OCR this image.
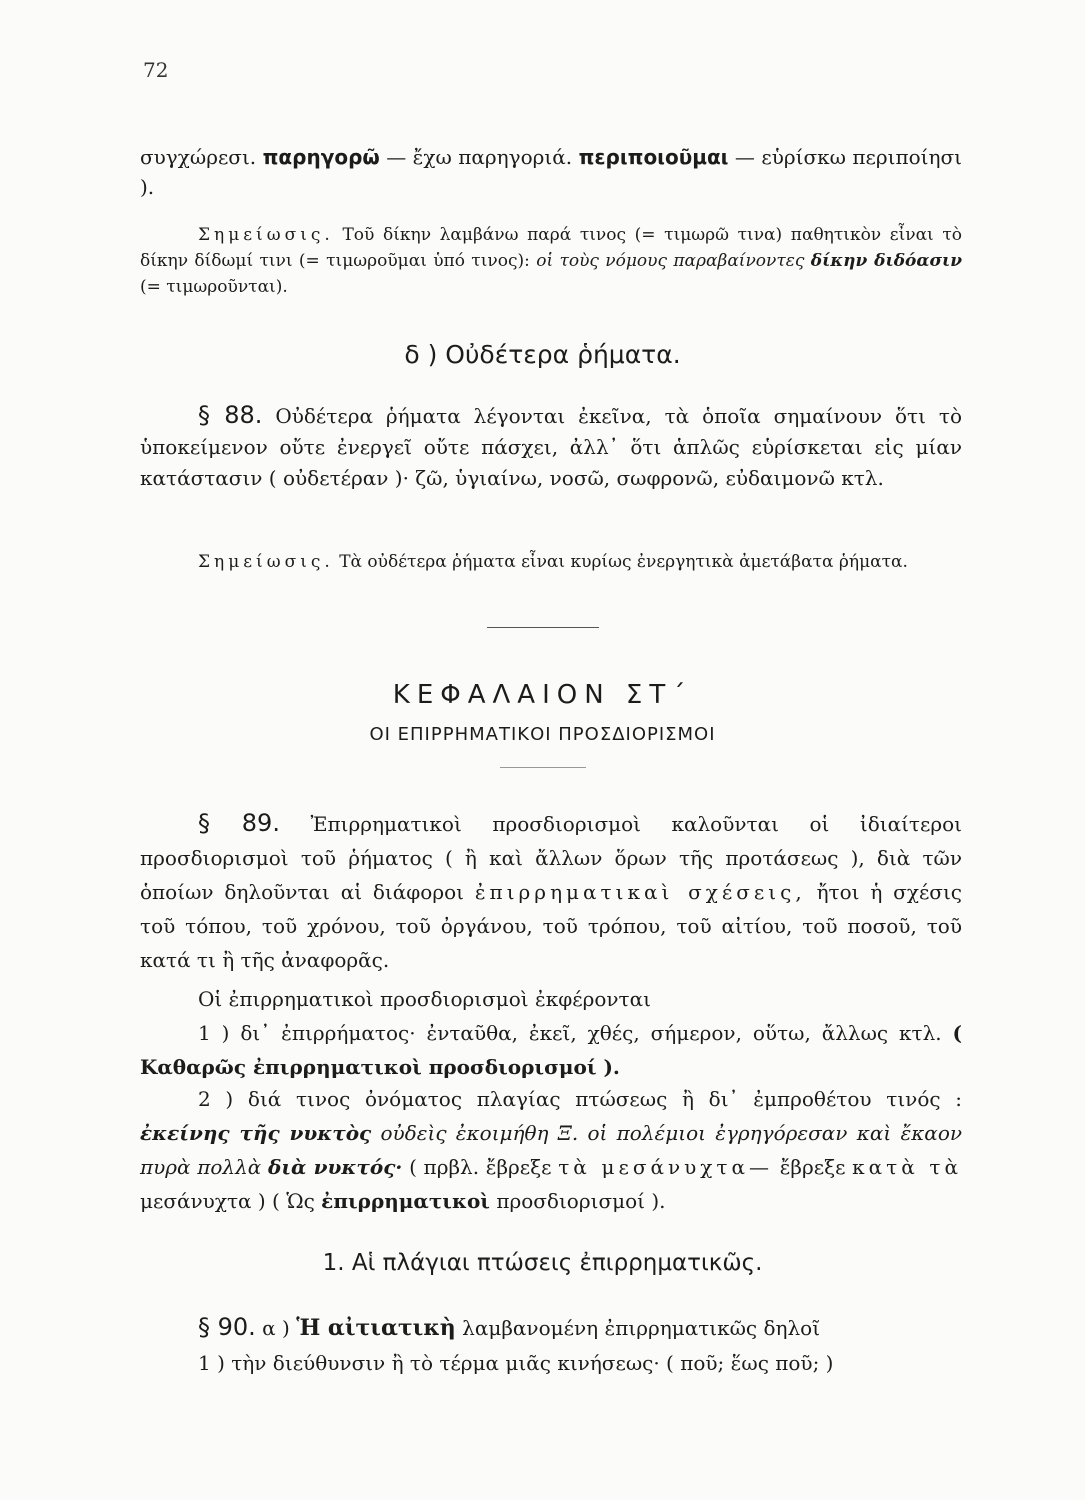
72
συγχώρεσι. παρηγορῶ — ἔχω παρηγοριά. περιποιοῦμαι — εὑρίσκω περιποίησι ).
Σημείωσις. Τοῦ δίκην λαμβάνω παρά τινος (= τιμωρῶ τινα) παθητικὸν εἶναι τὸ δίκην δίδωμί τινι (= τιμωροῦμαι ὑπό τινος): οἱ τοὺς νόμους παραβαίνοντες δίκην διδόασιν (= τιμωροῦνται).
δ ) Οὐδέτερα ῥήματα.
§ 88. Οὐδέτερα ῥήματα λέγονται ἐκεῖνα, τὰ ὁποῖα σημαίνουν ὅτι τὸ ὑποκείμενον οὔτε ἐνεργεῖ οὔτε πάσχει, ἀλλ᾽ ὅτι ἁπλῶς εὑρίσκεται εἰς μίαν κατάστασιν ( οὐδετέραν )· ζῶ, ὑγιαίνω, νοσῶ, σωφρονῶ, εὐδαιμονῶ κτλ.
Σημείωσις. Τὰ οὐδέτερα ῥήματα εἶναι κυρίως ἐνεργητικὰ ἀμετάβατα ῥήματα.
ΚΕΦΑΛΑΙΟΝ ΣΤ΄
ΟΙ ΕΠΙΡΡΗΜΑΤΙΚΟΙ ΠΡΟΣΔΙΟΡΙΣΜΟΙ
§ 89. Ἐπιρρηματικοὶ προσδιορισμοὶ καλοῦνται οἱ ἰδιαίτεροι προσδιορισμοὶ τοῦ ῥήματος ( ἢ καὶ ἄλλων ὅρων τῆς προτάσεως ), διὰ τῶν ὁποίων δηλοῦνται αἱ διάφοροι ἐπιρρηματικαὶ σχέσεις, ἤτοι ἡ σχέσις τοῦ τόπου, τοῦ χρόνου, τοῦ ὀργάνου, τοῦ τρόπου, τοῦ αἰτίου, τοῦ ποσοῦ, τοῦ κατά τι ἢ τῆς ἀναφορᾶς.
Οἱ ἐπιρρηματικοὶ προσδιορισμοὶ ἐκφέρονται
1 ) δι᾽ ἐπιρρήματος· ἐνταῦθα, ἐκεῖ, χθές, σήμερον, οὕτω, ἄλλως κτλ. ( Καθαρῶς ἐπιρρηματικοὶ προσδιορισμοί ).
2 ) διά τινος ὀνόματος πλαγίας πτώσεως ἢ δι᾽ ἐμπροθέτου τινός : ἐκείνης τῆς νυκτὸς οὐδεὶς ἐκοιμήθη Ξ. οἱ πολέμιοι ἐγρηγόρεσαν καὶ ἔκαον πυρὰ πολλὰ διὰ νυκτός· ( πρβλ. ἔβρεξε τὰ μεσάνυχτα— ἔβρεξε κατὰ τὰ μεσάνυχτα ) ( Ὡς ἐπιρρηματικοὶ προσδιορισμοί ).
1. Αἱ πλάγιαι πτώσεις ἐπιρρηματικῶς.
§ 90. α ) Ἡ αἰτιατικὴ λαμβανομένη ἐπιρρηματικῶς δηλοῖ
1 ) τὴν διεύθυνσιν ἢ τὸ τέρμα μιᾶς κινήσεως· ( ποῦ; ἕως ποῦ; )
